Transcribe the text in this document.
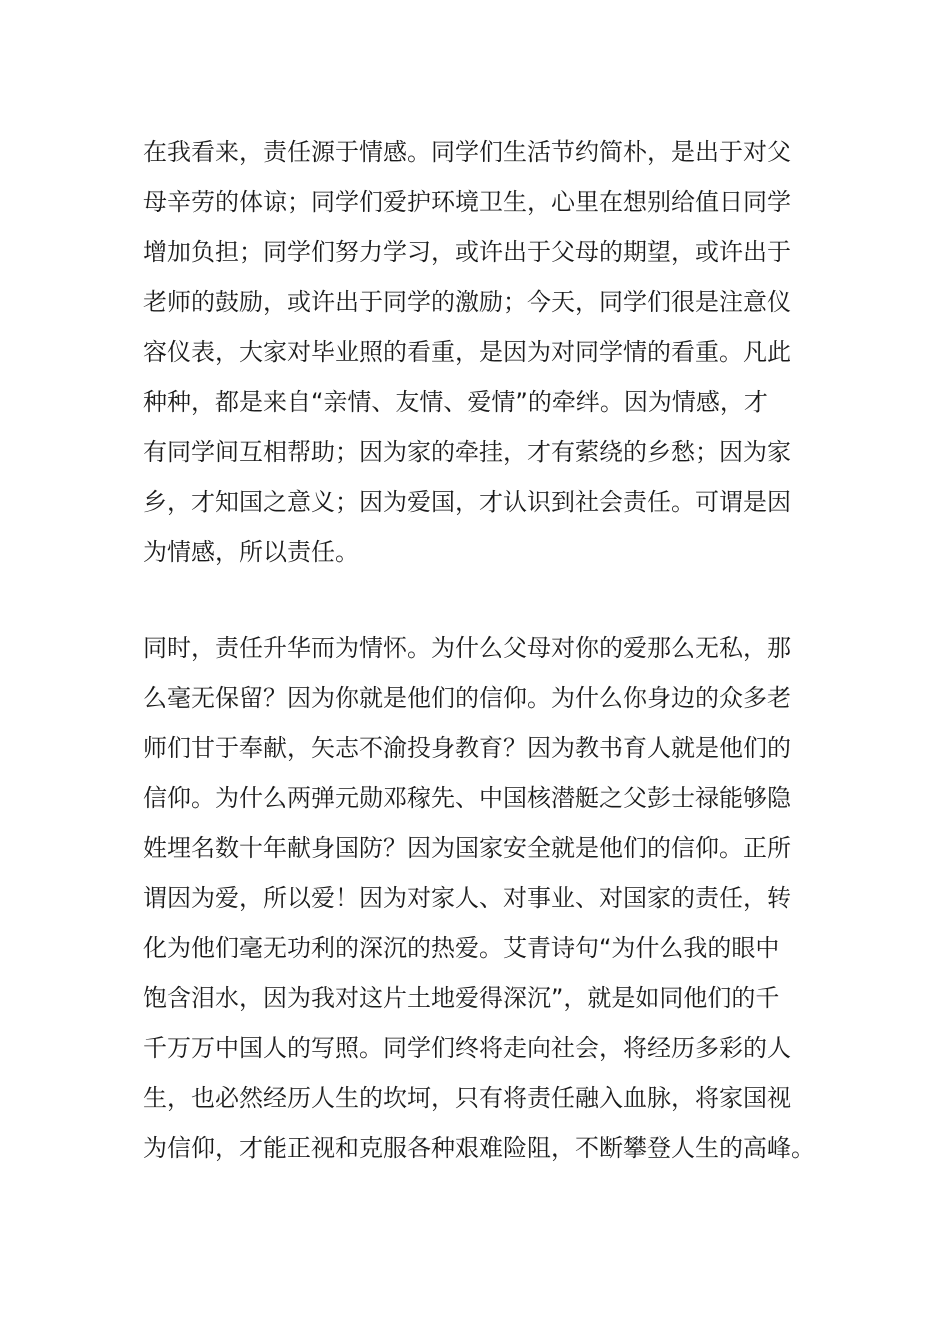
在我看来，责任源于情感。同学们生活节约简朴，是出于对父
母辛劳的体谅；同学们爱护环境卫生，心里在想别给值日同学
增加负担；同学们努力学习，或许出于父母的期望，或许出于
老师的鼓励，或许出于同学的激励；今天，同学们很是注意仪
容仪表，大家对毕业照的看重，是因为对同学情的看重。凡此
种种，都是来自“亲情、友情、爱情”的牵绊。因为情感，才
有同学间互相帮助；因为家的牵挂，才有萦绕的乡愁；因为家
乡，才知国之意义；因为爱国，才认识到社会责任。可谓是因
为情感，所以责任。

同时，责任升华而为情怀。为什么父母对你的爱那么无私，那
么毫无保留？因为你就是他们的信仰。为什么你身边的众多老
师们甘于奉献，矢志不渝投身教育？因为教书育人就是他们的
信仰。为什么两弹元勋邓稼先、中国核潜艇之父彭士禄能够隐
姓埋名数十年献身国防？因为国家安全就是他们的信仰。正所
谓因为爱，所以爱！因为对家人、对事业、对国家的责任，转
化为他们毫无功利的深沉的热爱。艾青诗句“为什么我的眼中
饱含泪水，因为我对这片土地爱得深沉”，就是如同他们的千
千万万中国人的写照。同学们终将走向社会，将经历多彩的人
生，也必然经历人生的坎坷，只有将责任融入血脉，将家国视
为信仰，才能正视和克服各种艰难险阻，不断攀登人生的高峰。
